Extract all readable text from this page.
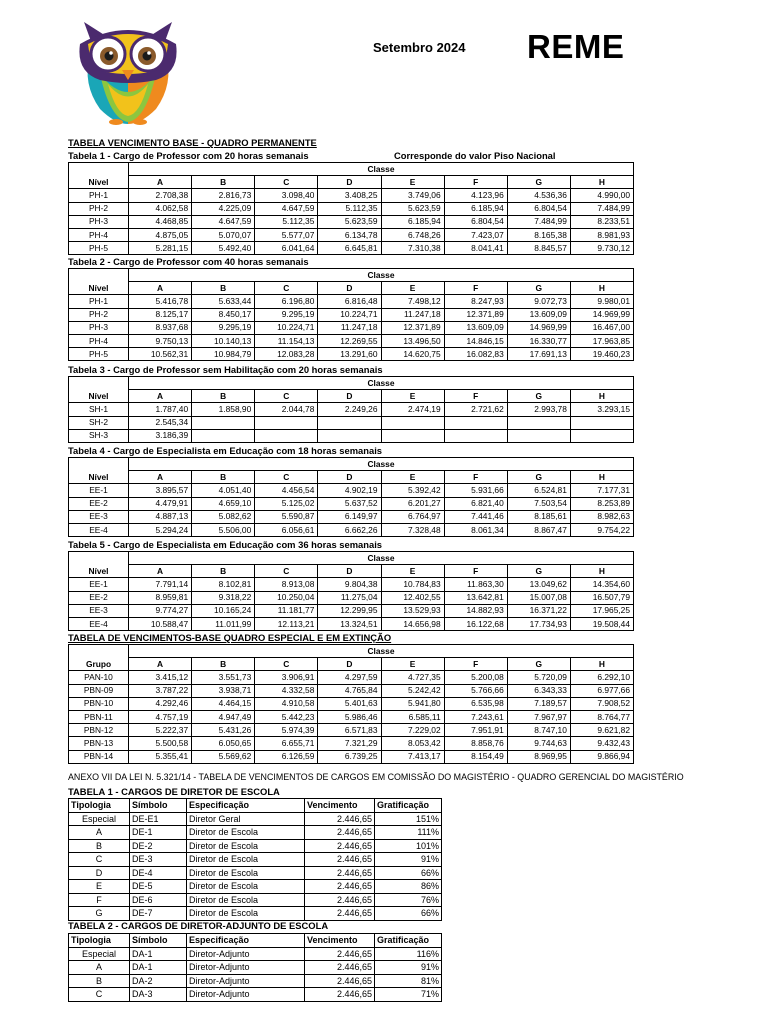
Setembro 2024 REME
TABELA VENCIMENTO BASE - QUADRO PERMANENTE
Tabela 1 - Cargo de Professor com 20 horas semanais	Corresponde do valor Piso Nacional
Nível	Classe							
	A	B	C	D	E	F	G	H
PH-1	2.708,38	2.816,73	3.098,40	3.408,25	3.749,06	4.123,96	4.536,36	4.990,00
PH-2	4.062,58	4.225,09	4.647,59	5.112,35	5.623,59	6.185,94	6.804,54	7.484,99
PH-3	4.468,85	4.647,59	5.112,35	5.623,59	6.185,94	6.804,54	7.484,99	8.233,51
PH-4	4.875,05	5.070,07	5.577,07	6.134,78	6.748,26	7.423,07	8.165,38	8.981,93
PH-5	5.281,15	5.492,40	6.041,64	6.645,81	7.310,38	8.041,41	8.845,57	9.730,12
Tabela 2 - Cargo de Professor com 40 horas semanais
Nível	Classe							
	A	B	C	D	E	F	G	H
PH-1	5.416,78	5.633,44	6.196,80	6.816,48	7.498,12	8.247,93	9.072,73	9.980,01
PH-2	8.125,17	8.450,17	9.295,19	10.224,71	11.247,18	12.371,89	13.609,09	14.969,99
PH-3	8.937,68	9.295,19	10.224,71	11.247,18	12.371,89	13.609,09	14.969,99	16.467,00
PH-4	9.750,13	10.140,13	11.154,13	12.269,55	13.496,50	14.846,15	16.330,77	17.963,85
PH-5	10.562,31	10.984,79	12.083,28	13.291,60	14.620,75	16.082,83	17.691,13	19.460,23
Tabela 3 - Cargo de Professor sem Habilitação com 20 horas semanais
Nível	Classe							
	A	B	C	D	E	F	G	H
SH-1	1.787,40	1.858,90	2.044,78	2.249,26	2.474,19	2.721,62	2.993,78	3.293,15
SH-2	2.545,34							
SH-3	3.186,39							
Tabela 4 - Cargo de Especialista em Educação com 18 horas semanais
Nível	Classe							
	A	B	C	D	E	F	G	H
EE-1	3.895,57	4.051,40	4.456,54	4.902,19	5.392,42	5.931,66	6.524,81	7.177,31
EE-2	4.479,91	4.659,10	5.125,02	5.637,52	6.201,27	6.821,40	7.503,54	8.253,89
EE-3	4.887,13	5.082,62	5.590,87	6.149,97	6.764,97	7.441,46	8.185,61	8.982,63
EE-4	5.294,24	5.506,00	6.056,61	6.662,26	7.328,48	8.061,34	8.867,47	9.754,22
Tabela 5 - Cargo de Especialista em Educação com 36 horas semanais
Nível	Classe							
	A	B	C	D	E	F	G	H
EE-1	7.791,14	8.102,81	8.913,08	9.804,38	10.784,83	11.863,30	13.049,62	14.354,60
EE-2	8.959,81	9.318,22	10.250,04	11.275,04	12.402,55	13.642,81	15.007,08	16.507,79
EE-3	9.774,27	10.165,24	11.181,77	12.299,95	13.529,93	14.882,93	16.371,22	17.965,25
EE-4	10.588,47	11.011,99	12.113,21	13.324,51	14.656,98	16.122,68	17.734,93	19.508,44
TABELA DE VENCIMENTOS-BASE QUADRO ESPECIAL E EM EXTINÇÃO
Grupo	Classe							
	A	B	C	D	E	F	G	H
PAN-10	3.415,12	3.551,73	3.906,91	4.297,59	4.727,35	5.200,08	5.720,09	6.292,10
PBN-09	3.787,22	3.938,71	4.332,58	4.765,84	5.242,42	5.766,66	6.343,33	6.977,66
PBN-10	4.292,46	4.464,15	4.910,58	5.401,63	5.941,80	6.535,98	7.189,57	7.908,52
PBN-11	4.757,19	4.947,49	5.442,23	5.986,46	6.585,11	7.243,61	7.967,97	8.764,77
PBN-12	5.222,37	5.431,26	5.974,39	6.571,83	7.229,02	7.951,91	8.747,10	9.621,82
PBN-13	5.500,58	6.050,65	6.655,71	7.321,29	8.053,42	8.858,76	9.744,63	9.432,43
PBN-14	5.355,41	5.569,62	6.126,59	6.739,25	7.413,17	8.154,49	8.969,95	9.866,94
ANEXO VII DA LEI N. 5.321/14 - TABELA DE VENCIMENTOS DE CARGOS EM COMISSÃO DO MAGISTÉRIO - QUADRO GERENCIAL DO MAGISTÉRIO
TABELA 1 - CARGOS DE DIRETOR DE ESCOLA
Tipologia	Símbolo	Especificação	Vencimento	Gratificação
Especial	DE-E1	Diretor Geral	2.446,65	151%
A	DE-1	Diretor de Escola	2.446,65	111%
B	DE-2	Diretor de Escola	2.446,65	101%
C	DE-3	Diretor de Escola	2.446,65	91%
D	DE-4	Diretor de Escola	2.446,65	66%
E	DE-5	Diretor de Escola	2.446,65	86%
F	DE-6	Diretor de Escola	2.446,65	76%
G	DE-7	Diretor de Escola	2.446,65	66%
TABELA 2 - CARGOS DE DIRETOR-ADJUNTO DE ESCOLA
Tipologia	Símbolo	Especificação	Vencimento	Gratificação
Especial	DA-1	Diretor-Adjunto	2.446,65	116%
A	DA-1	Diretor-Adjunto	2.446,65	91%
B	DA-2	Diretor-Adjunto	2.446,65	81%
C	DA-3	Diretor-Adjunto	2.446,65	71%
